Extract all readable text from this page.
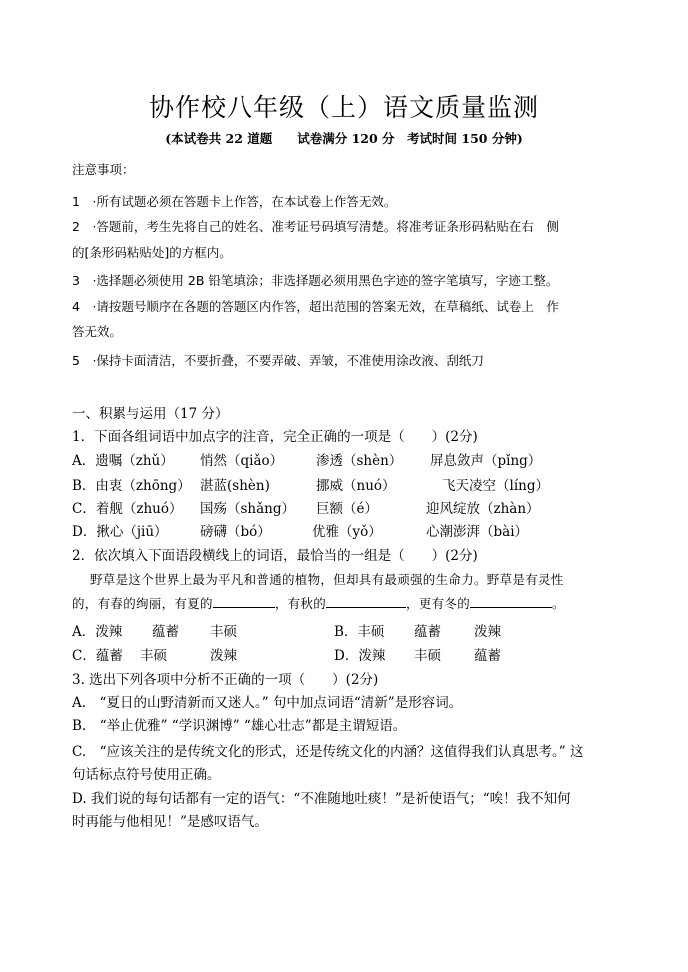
协作校八年级（上）语文质量监测
(本试卷共 22 道题　　试卷满分 120 分　考试时间 150 分钟)
注意事项：
1　·所有试题必须在答题卡上作答，在本试卷上作答无效。
2　·答题前，考生先将自己的姓名、准考证号码填写清楚。将准考证条形码粘贴在右　侧
的[条形码粘贴处]的方框内。
3　·选择题必须使用 2B 铅笔填涂；非选择题必须用黑色字迹的签字笔填写，字迹工整。
4　·请按题号顺序在各题的答题区内作答，超出范围的答案无效，在草稿纸、试卷上　作
答无效。
5　·保持卡面清洁，不要折叠，不要弄破、弄皱，不准使用涂改液、刮纸刀
一、积累与运用（17 分）
1．下面各组词语中加点字的注音，完全正确的一项是（　　）(2分)
A．遗嘱（zhǔ） 悄然（qiǎo） 渗透（shèn） 屏息敛声（pǐng）
B．由衷（zhōng） 湛蓝(shèn)	挪威（nuó）	飞天凌空（líng）
C．着舰（zhuó） 国殇（shǎng） 巨额（é）	迎风绽放（zhàn）
D．揪心（jiū） 磅礴（bó）	优雅（yǒ）	心潮澎湃（bài）
2．依次填入下面语段横线上的词语，最恰当的一组是（　　）(2分)
野草是这个世界上最为平凡和普通的植物，但却具有最顽强的生命力。野草是有灵性
的，有春的绚丽，有夏的	，有秋的	，更有冬的	。
A．泼辣 蕴蓄 丰硕	B．丰硕 蕴蓄 泼辣
C．蕴蓄 丰硕	泼辣	D．泼辣 丰硕 蕴蓄
3. 选出下列各项中分析不正确的一项（　　）(2分)
A.　“夏日的山野清新而又迷人。” 句中加点词语“清新”是形容词。
B.　“举止优雅” “学识渊博” “雄心壮志”都是主谓短语。
C.　“应该关注的是传统文化的形式，还是传统文化的内涵？这值得我们认真思考。” 这
句话标点符号使用正确。
D. 我们说的每句话都有一定的语气：“不准随地吐痰！”是祈使语气；“唉！我不知何
时再能与他相见！”是感叹语气。
